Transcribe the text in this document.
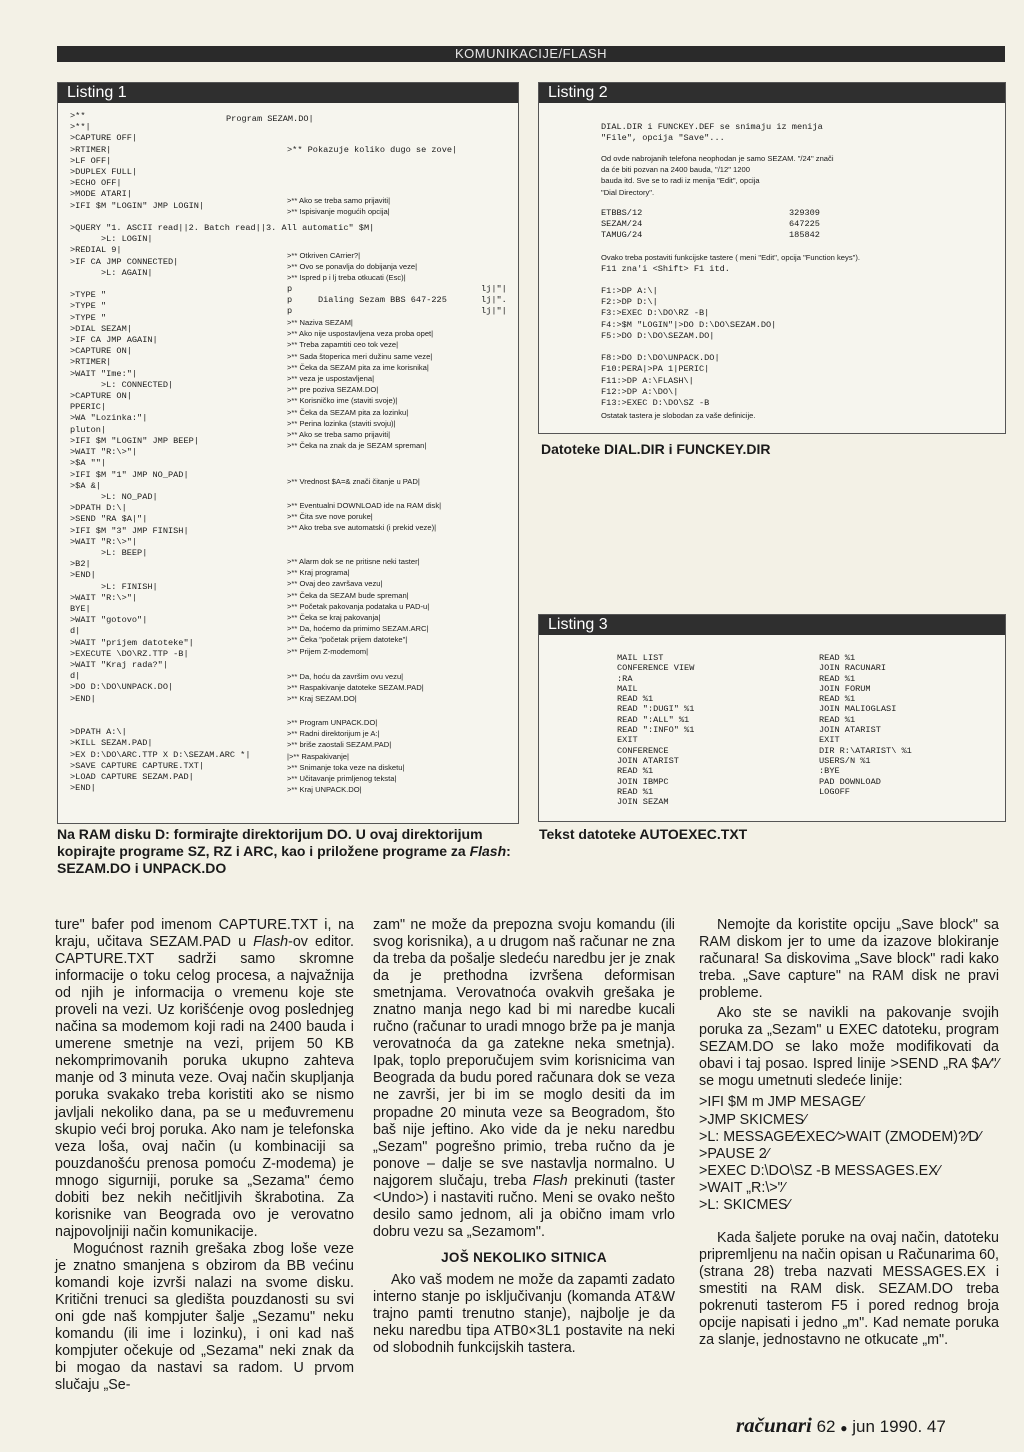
KOMUNIKACIJE/FLASH
Listing 1
>**
>**|
>CAPTURE OFF|
>RTIMER|
>LF OFF|
>DUPLEX FULL|
>ECHO OFF|
>MODE ATARI|
>IFI $M "LOGIN" JMP LOGIN|

>QUERY "1. ASCII read||2. Batch read||3. All automatic" $M|
>L: LOGIN|
>REDIAL 9|
>IF CA JMP CONNECTED|
>L: AGAIN|

>TYPE "
>TYPE "
>TYPE "
>DIAL SEZAM|
>IF CA JMP AGAIN|
>CAPTURE ON|
>RTIMER|
>WAIT "Ime:"|
>L: CONNECTED|
>CAPTURE ON|
PPERIC|
>WA "Lozinka:"|
pluton|
>IFI $M "LOGIN" JMP BEEP|
>WAIT "R:\>"|
>$A ""|
>IFI $M "1" JMP NO_PAD|
>$A &|
>L: NO_PAD|
>DPATH D:\|
>SEND "RA $A|"|
>IFI $M "3" JMP FINISH|
>WAIT "R:\>"|
>L: BEEP|
>B2|
>END|
>L: FINISH|
>WAIT "R:\>"|
BYE|
>WAIT "gotovo"|
d|
>WAIT "prijem datoteke"|
>EXECUTE \DO\RZ.TTP -B|
>WAIT "Kraj rada?"|
d|
>DO D:\DO\UNPACK.DO|
>END|

>DPATH A:\|
>KILL SEZAM.PAD|
>EX D:\DO\ARC.TTP X D:\SEZAM.ARC *|
>SAVE CAPTURE CAPTURE.TXT|
>LOAD CAPTURE SEZAM.PAD|
>END|
Program SEZAM.DO|
>** Pokazuje koliko dugo se zove|
>** Ako se treba samo prijaviti|
>** Ispisivanje mogućih opcija|
>** Otkriven CArrier?|
>** Ovo se ponavlja do dobijanja veze|
>** Ispred p i lj treba otkucati (Esc)|
p
p     Dialing Sezam BBS 647-225
p
lj|"|
lj|".
lj|"|
>** Naziva SEZAM|
>** Ako nije uspostavljena veza proba opet|
>** Treba zapamtiti ceo tok veze|
>** Sada štoperica meri dužinu same veze|
>** Čeka da SEZAM pita za ime korisnika|
>** veza je uspostavljena|
>** pre poziva SEZAM.DO|
>** Korisničko ime (staviti svoje)|
>** Čeka da SEZAM pita za lozinku|
>** Perina lozinka (staviti svoju)|
>** Ako se treba samo prijaviti|
>** Čeka na znak da je SEZAM spreman|
>** Vrednost $A=& znači čitanje u PAD|
>** Eventualni DOWNLOAD ide na RAM disk|
>** Čita sve nove poruke|
>** Ako treba sve automatski (i prekid veze)|
>** Alarm dok se ne pritisne neki taster|
>** Kraj programa|
>** Ovaj deo završava vezu|
>** Čeka da SEZAM bude spreman|
>** Početak pakovanja podataka u PAD-u|
>** Čeka se kraj pakovanja|
>** Da, hoćemo da primimo SEZAM.ARC|
>** Čeka "početak prijem datoteke"|
>** Prijem Z-modemom|
>** Da, hoću da završim ovu vezu|
>** Raspakivanje datoteke SEZAM.PAD|
>** Kraj SEZAM.DO|
>** Program UNPACK.DO|
>** Radni direktorijum je A:|
>** briše zaostali SEZAM.PAD|
|>** Raspakivanje|
>** Snimanje toka veze na disketu|
>** Učitavanje primljenog teksta|
>** Kraj UNPACK.DO|
Listing 2
DIAL.DIR i FUNCKEY.DEF se snimaju iz menija
"File", opcija "Save"...
Od ovde nabrojanih telefona neophodan je samo SEZAM. "/24" znači
da će biti pozvan na 2400 bauda, "/12" 1200
bauda itd. Sve se to radi iz menija "Edit", opcija
"Dial Directory".
ETBBS/12
SEZAM/24
TAMUG/24
329309
647225
185842
Ovako treba postaviti funkcijske tastere ( meni "Edit", opcija "Function keys").
F11 zna'i <Shift> F1 itd.
F1:>DP A:\|
F2:>DP D:\|
F3:>EXEC D:\DO\RZ -B|
F4:>$M "LOGIN"|>DO D:\DO\SEZAM.DO|
F5:>DO D:\DO\SEZAM.DO|

F8:>DO D:\DO\UNPACK.DO|
F10:PERA|>PA 1|PERIC|
F11:>DP A:\FLASH\|
F12:>DP A:\DO\|
F13:>EXEC D:\DO\SZ -B
Ostatak tastera je slobodan za vaše definicije.
Datoteke DIAL.DIR i FUNCKEY.DIR
Listing 3
MAIL LIST
CONFERENCE VIEW
:RA
MAIL
READ %1
READ ":DUGI" %1
READ ":ALL" %1
READ ":INFO" %1
EXIT
CONFERENCE
JOIN ATARIST
READ %1
JOIN IBMPC
READ %1
JOIN SEZAM
READ %1
JOIN RACUNARI
READ %1
JOIN FORUM
READ %1
JOIN MALIOGLASI
READ %1
JOIN ATARIST
EXIT
DIR R:\ATARIST\ %1
USERS/N %1
:BYE
PAD DOWNLOAD
LOGOFF
Tekst datoteke AUTOEXEC.TXT
Na RAM disku D: formirajte direktorijum DO. U ovaj direktorijum kopirajte programe SZ, RZ i ARC, kao i priložene programe za Flash: SEZAM.DO i UNPACK.DO

ture" bafer pod imenom CAPTURE.TXT i, na kraju, učitava SEZAM.PAD u Flash-ov editor. CAPTURE.TXT sadrži samo skromne informacije o toku celog procesa, a najvažnija od njih je informacija o vremenu koje ste proveli na vezi. Uz korišćenje ovog poslednjeg načina sa modemom koji radi na 2400 bauda i umerene smetnje na vezi, prijem 50 KB nekomprimovanih poruka ukupno zahteva manje od 3 minuta veze. Ovaj način skupljanja poruka svakako treba koristiti ako se nismo javljali nekoliko dana, pa se u međuvremenu skupio veći broj poruka. Ako nam je telefonska veza loša, ovaj način (u kombinaciji sa pouzdanošću prenosa pomoću Z-modema) je mnogo sigurniji, poruke sa „Sezama" ćemo dobiti bez nekih nečitljivih škrabotina. Za korisnike van Beograda ovo je verovatno najpovoljniji način komunikacije.

Mogućnost raznih grešaka zbog loše veze je znatno smanjena s obzirom da BB većinu komandi koje izvrši nalazi na svome disku. Kritični trenuci sa gledišta pouzdanosti su svi oni gde naš kompjuter šalje „Sezamu" neku komandu (ili ime i lozinku), i oni kad naš kompjuter očekuje od „Sezama" neki znak da bi mogao da nastavi sa radom. U prvom slučaju „Se-

zam" ne može da prepozna svoju komandu (ili svog korisnika), a u drugom naš računar ne zna da treba da pošalje sledeću naredbu jer je znak da je prethodna izvršena deformisan smetnjama. Verovatnoća ovakvih grešaka je znatno manja nego kad bi mi naredbe kucali ručno (računar to uradi mnogo brže pa je manja verovatnoća da ga zatekne neka smetnja). Ipak, toplo preporučujem svim korisnicima van Beograda da budu pored računara dok se veza ne završi, jer bi im se moglo desiti da im propadne 20 minuta veze sa Beogradom, što baš nije jeftino. Ako vide da je neku naredbu „Sezam" pogrešno primio, treba ručno da je ponove – dalje se sve nastavlja normalno. U najgorem slučaju, treba Flash prekinuti (taster <Undo>) i nastaviti ručno. Meni se ovako nešto desilo samo jednom, ali ja obično imam vrlo dobru vezu sa „Sezamom".

JOŠ NEKOLIKO SITNICA

Ako vaš modem ne može da zapamti zadato interno stanje po isključivanju (komanda AT&W trajno pamti trenutno stanje), najbolje je da neku naredbu tipa ATB0×3L1 postavite na neki od slobodnih funkcijskih tastera.

Nemojte da koristite opciju „Save block" sa RAM diskom jer to ume da izazove blokiranje računara! Sa diskovima „Save block" radi kako treba. „Save capture" na RAM disk ne pravi probleme.

Ako ste se navikli na pakovanje svojih poruka za „Sezam" u EXEC datoteku, program SEZAM.DO se lako može modifikovati da obavi i taj posao. Ispred linije >SEND „RA $A⁄"⁄ se mogu umetnuti sledeće linije:

>IFI $M m JMP MESAGE⁄

>JMP SKICMES⁄

>L: MESSAGE⁄EXEC⁄>WAIT (ZMODEM)?⁄D⁄

>PAUSE 2⁄

>EXEC D:\DO\SZ -B MESSAGES.EX⁄

>WAIT „R:\>"⁄

>L: SKICMES⁄

Kada šaljete poruke na ovaj način, datoteku pripremljenu na način opisan u Računarima 60, (strana 28) treba nazvati MESSAGES.EX i smestiti na RAM disk. SEZAM.DO treba pokrenuti tasterom F5 i pored rednog broja opcije napisati i jedno „m". Kad nemate poruka za slanje, jednostavno ne otkucate „m".

računari 62 ● jun 1990. 47
